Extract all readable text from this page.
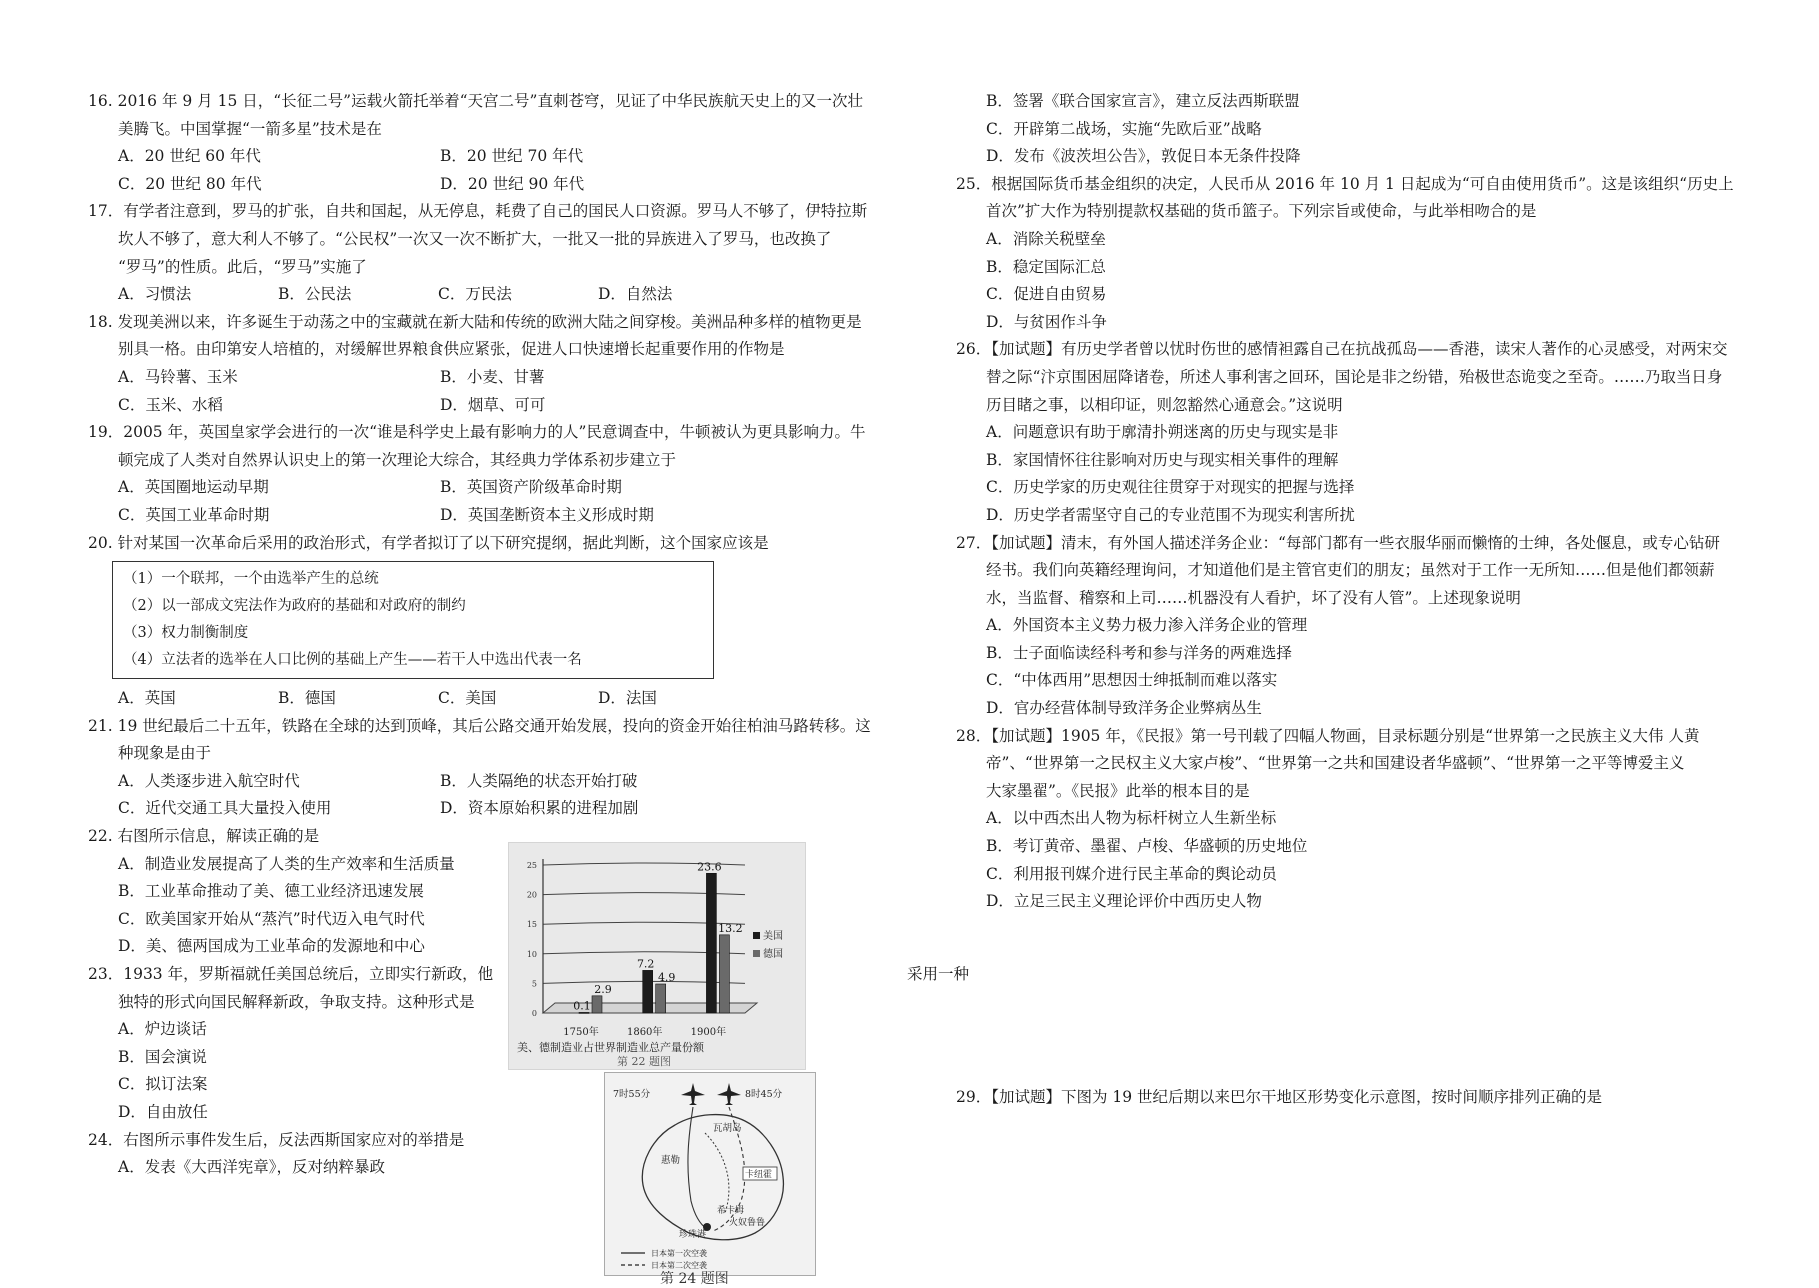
16. 2016 年 9 月 15 日，“长征二号”运载火箭托举着“天宫二号”直刺苍穹，见证了中华民族航天史上的又一次壮
美腾飞。中国掌握“一箭多星”技术是在
A．20 世纪 60 年代	B．20 世纪 70 年代
C．20 世纪 80 年代	D．20 世纪 90 年代
17．有学者注意到，罗马的扩张，自共和国起，从无停息，耗费了自己的国民人口资源。罗马人不够了，伊特拉斯
坎人不够了，意大利人不够了。“公民权”一次又一次不断扩大，一批又一批的异族进入了罗马，也改换了
“罗马”的性质。此后，“罗马”实施了
A．习惯法	B．公民法	C．万民法	D．自然法
18. 发现美洲以来，许多诞生于动荡之中的宝藏就在新大陆和传统的欧洲大陆之间穿梭。美洲品种多样的植物更是
别具一格。由印第安人培植的，对缓解世界粮食供应紧张，促进人口快速增长起重要作用的作物是
A．马铃薯、玉米	B．小麦、甘薯
C．玉米、水稻	D．烟草、可可
19．2005 年，英国皇家学会进行的一次“谁是科学史上最有影响力的人”民意调查中，牛顿被认为更具影响力。牛
顿完成了人类对自然界认识史上的第一次理论大综合，其经典力学体系初步建立于
A．英国圈地运动早期	B．英国资产阶级革命时期
C．英国工业革命时期	D．英国垄断资本主义形成时期
20. 针对某国一次革命后采用的政治形式，有学者拟订了以下研究提纲，据此判断，这个国家应该是
（1）一个联邦，一个由选举产生的总统
（2）以一部成文宪法作为政府的基础和对政府的制约
（3）权力制衡制度
（4）立法者的选举在人口比例的基础上产生——若干人中选出代表一名
A．英国	B．德国	C．美国	D．法国
21. 19 世纪最后二十五年，铁路在全球的达到顶峰，其后公路交通开始发展，投向的资金开始往柏油马路转移。这
种现象是由于
A．人类逐步进入航空时代	B．人类隔绝的状态开始打破
C．近代交通工具大量投入使用	D．资本原始积累的进程加剧
22. 右图所示信息，解读正确的是
A．制造业发展提高了人类的生产效率和生活质量
B．工业革命推动了美、德工业经济迅速发展
C．欧美国家开始从“蒸汽”时代迈入电气时代
D．美、德两国成为工业革命的发源地和中心
23．1933 年，罗斯福就任美国总统后，立即实行新政，他	采用一种
独特的形式向国民解释新政，争取支持。这种形式是
A．炉边谈话
B．国会演说
C．拟订法案
D．自由放任
24．右图所示事件发生后，反法西斯国家应对的举措是
A．发表《大西洋宪章》，反对纳粹暴政
B．签署《联合国家宣言》，建立反法西斯联盟
C．开辟第二战场，实施“先欧后亚”战略
D．发布《波茨坦公告》，敦促日本无条件投降
25．根据国际货币基金组织的决定，人民币从 2016 年 10 月 1 日起成为“可自由使用货币”。这是该组织“历史上
首次”扩大作为特别提款权基础的货币篮子。下列宗旨或使命，与此举相吻合的是
A．消除关税壁垒
B．稳定国际汇总
C．促进自由贸易
D．与贫困作斗争
26．【加试题】有历史学者曾以忧时伤世的感情袒露自己在抗战孤岛——香港，读宋人著作的心灵感受，对两宋交
替之际“汴京围困屈降诸卷，所述人事利害之回环，国论是非之纷错，殆极世态诡变之至奇。……乃取当日身
历目睹之事，以相印证，则忽豁然心通意会。”这说明
A．问题意识有助于廓清扑朔迷离的历史与现实是非
B．家国情怀往往影响对历史与现实相关事件的理解
C．历史学家的历史观往往贯穿于对现实的把握与选择
D．历史学者需坚守自己的专业范围不为现实利害所扰
27．【加试题】清末，有外国人描述洋务企业：“每部门都有一些衣服华丽而懒惰的士绅，各处偃息，或专心钻研
经书。我们向英籍经理询问，才知道他们是主管官吏们的朋友；虽然对于工作一无所知……但是他们都领薪
水，当监督、稽察和上司……机器没有人看护，坏了没有人管”。上述现象说明
A．外国资本主义势力极力渗入洋务企业的管理
B．士子面临读经科考和参与洋务的两难选择
C．“中体西用”思想因士绅抵制而难以落实
D．官办经营体制导致洋务企业弊病丛生
28．【加试题】1905 年，《民报》第一号刊载了四幅人物画，目录标题分别是“世界第一之民族主义大伟 人黄
帝”、“世界第一之民权主义大家卢梭”、“世界第一之共和国建设者华盛顿”、“世界第一之平等博爱主义
大家墨翟”。《民报》此举的根本目的是
A．以中西杰出人物为标杆树立人生新坐标
B．考订黄帝、墨翟、卢梭、华盛顿的历史地位
C．利用报刊媒介进行民主革命的舆论动员
D．立足三民主义理论评价中西历史人物
29．【加试题】下图为 19 世纪后期以来巴尔干地区形势变化示意图，按时间顺序排列正确的是
0
5
10
15
20
25
0.1
2.9
7.2
4.9
23.6
13.2
1750年	1860年	1900年
美国
德国
美、德制造业占世界制造业总产量份额
第 22 题图
7时55分	8时45分
瓦胡岛
卡纽霍
惠勒
希卡姆
火奴鲁鲁
珍珠港
日本第一次空袭
日本第二次空袭
第 24 题图
